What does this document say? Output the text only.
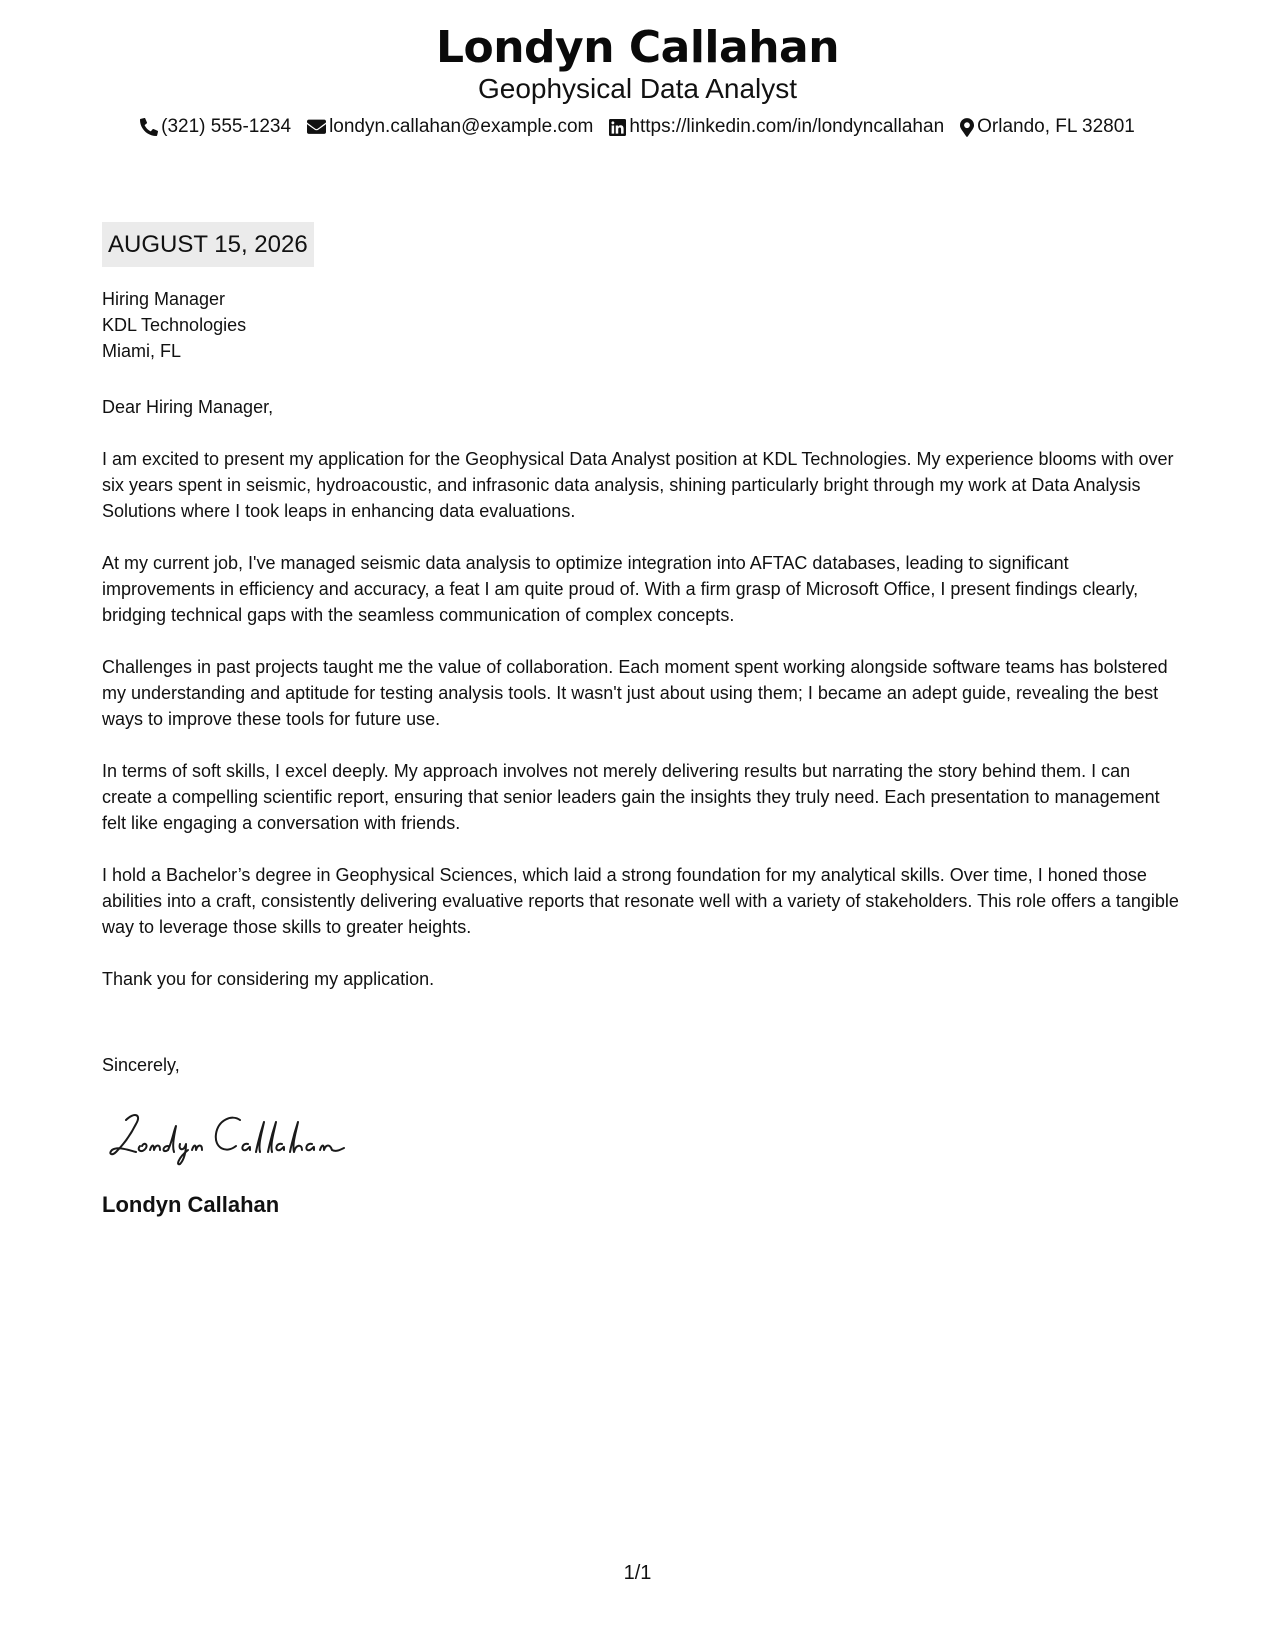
Londyn Callahan
Geophysical Data Analyst
(321) 555-1234 londyn.callahan@example.com https://linkedin.com/in/londyncallahan Orlando, FL 32801
AUGUST 15, 2026
Hiring Manager
KDL Technologies
Miami, FL

Dear Hiring Manager,

I am excited to present my application for the Geophysical Data Analyst position at KDL Technologies. My experience blooms with over six years spent in seismic, hydroacoustic, and infrasonic data analysis, shining particularly bright through my work at Data Analysis Solutions where I took leaps in enhancing data evaluations.

At my current job, I've managed seismic data analysis to optimize integration into AFTAC databases, leading to significant improvements in efficiency and accuracy, a feat I am quite proud of. With a firm grasp of Microsoft Office, I present findings clearly, bridging technical gaps with the seamless communication of complex concepts.

Challenges in past projects taught me the value of collaboration. Each moment spent working alongside software teams has bolstered my understanding and aptitude for testing analysis tools. It wasn't just about using them; I became an adept guide, revealing the best ways to improve these tools for future use.

In terms of soft skills, I excel deeply. My approach involves not merely delivering results but narrating the story behind them. I can create a compelling scientific report, ensuring that senior leaders gain the insights they truly need. Each presentation to management felt like engaging a conversation with friends.

I hold a Bachelor’s degree in Geophysical Sciences, which laid a strong foundation for my analytical skills. Over time, I honed those abilities into a craft, consistently delivering evaluative reports that resonate well with a variety of stakeholders. This role offers a tangible way to leverage those skills to greater heights.

Thank you for considering my application.

Sincerely,
Londyn Callahan
1/1
